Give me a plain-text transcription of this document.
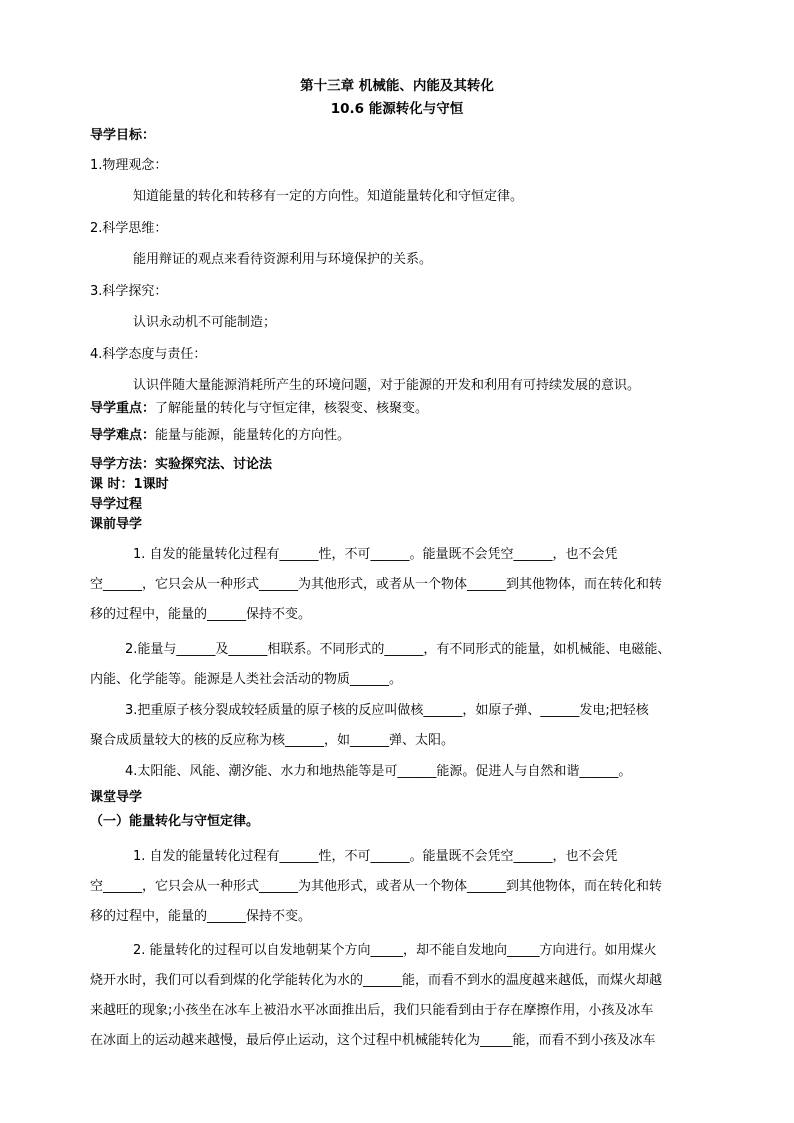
第十三章 机械能、内能及其转化
10.6 能源转化与守恒
导学目标：
1.物理观念：
知道能量的转化和转移有一定的方向性。知道能量转化和守恒定律。
2.科学思维：
能用辩证的观点来看待资源利用与环境保护的关系。
3.科学探究：
认识永动机不可能制造；
4.科学态度与责任：
认识伴随大量能源消耗所产生的环境问题，对于能源的开发和利用有可持续发展的意识。
导学重点：了解能量的转化与守恒定律，核裂变、核聚变。
导学难点：能量与能源，能量转化的方向性。
导学方法：实验探究法、讨论法
课 时：1课时
导学过程
课前导学
1. 自发的能量转化过程有______性，不可______。能量既不会凭空______，也不会凭
空______，它只会从一种形式______为其他形式，或者从一个物体______到其他物体，而在转化和转
移的过程中，能量的______保持不变。
2.能量与______及______相联系。不同形式的______，有不同形式的能量，如机械能、电磁能、
内能、化学能等。能源是人类社会活动的物质______。
3.把重原子核分裂成较轻质量的原子核的反应叫做核______，如原子弹、______发电;把轻核
聚合成质量较大的核的反应称为核______，如______弹、太阳。
4.太阳能、风能、潮汐能、水力和地热能等是可______能源。促进人与自然和谐______。
课堂导学
（一）能量转化与守恒定律。
1. 自发的能量转化过程有______性，不可______。能量既不会凭空______，也不会凭
空______，它只会从一种形式______为其他形式，或者从一个物体______到其他物体，而在转化和转
移的过程中，能量的______保持不变。
2. 能量转化的过程可以自发地朝某个方向_____，却不能自发地向_____方向进行。如用煤火
烧开水时，我们可以看到煤的化学能转化为水的______能，而看不到水的温度越来越低，而煤火却越
来越旺的现象;小孩坐在冰车上被沿水平冰面推出后，我们只能看到由于存在摩擦作用，小孩及冰车
在冰面上的运动越来越慢，最后停止运动，这个过程中机械能转化为_____能，而看不到小孩及冰车
